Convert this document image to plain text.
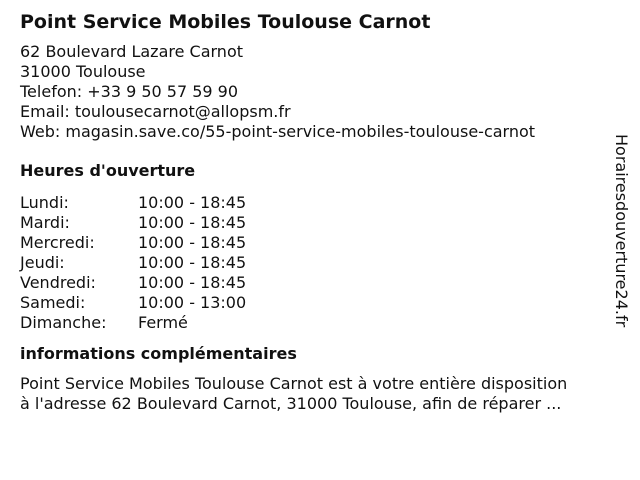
Point Service Mobiles Toulouse Carnot
62 Boulevard Lazare Carnot
31000 Toulouse
Telefon: +33 9 50 57 59 90
Email: toulousecarnot@allopsm.fr
Web: magasin.save.co/55-point-service-mobiles-toulouse-carnot
Heures d'ouverture
Lundi:	10:00 - 18:45
Mardi:	10:00 - 18:45
Mercredi:	10:00 - 18:45
Jeudi:	10:00 - 18:45
Vendredi:	10:00 - 18:45
Samedi:	10:00 - 13:00
Dimanche:	Fermé
informations complémentaires
Point Service Mobiles Toulouse Carnot est à votre entière disposition
à l'adresse 62 Boulevard Carnot, 31000 Toulouse, afin de réparer ...
Horairesdouverture24.fr
